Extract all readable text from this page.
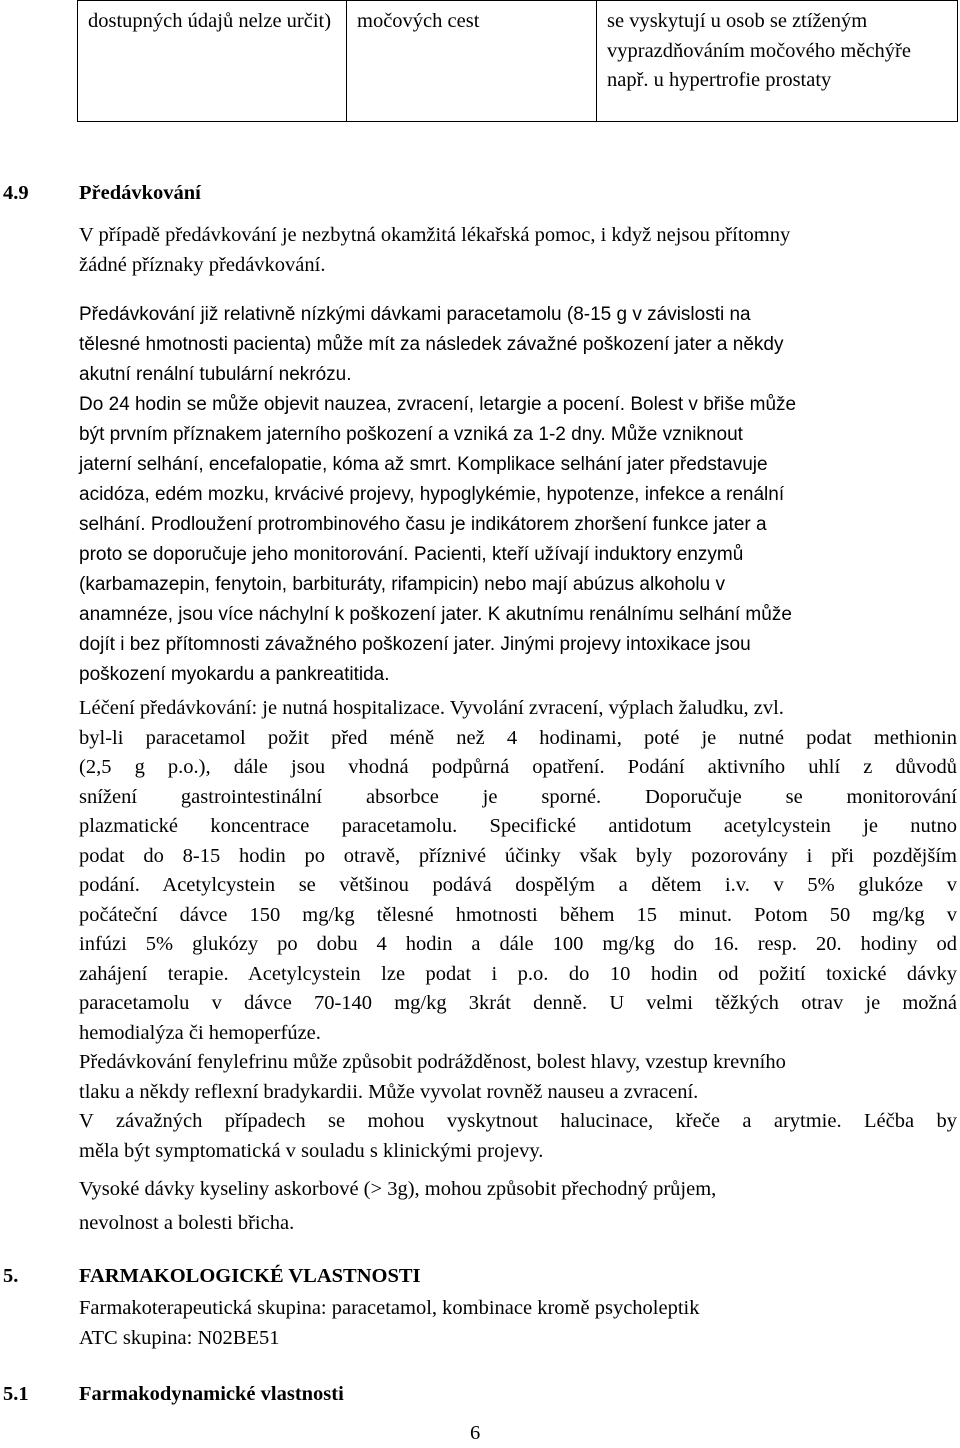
dostupných údajů nelze určit)	močových cest	se vyskytují u osob se ztíženým vyprazdňováním močového měchýře např. u hypertrofie prostaty
4.9 Předávkování
V případě předávkování je nezbytná okamžitá lékařská pomoc, i když nejsou přítomny
žádné příznaky předávkování.
Předávkování již relativně nízkými dávkami paracetamolu (8-15 g v závislosti na
tělesné hmotnosti pacienta) může mít za následek závažné poškození jater a někdy
akutní renální tubulární nekrózu.
Do 24 hodin se může objevit nauzea, zvracení, letargie a pocení. Bolest v břiše může
být prvním příznakem jaterního poškození a vzniká za 1-2 dny. Může vzniknout
jaterní selhání, encefalopatie, kóma až smrt. Komplikace selhání jater představuje
acidóza, edém mozku, krvácivé projevy, hypoglykémie, hypotenze, infekce a renální
selhání. Prodloužení protrombinového času je indikátorem zhoršení funkce jater a
proto se doporučuje jeho monitorování. Pacienti, kteří užívají induktory enzymů
(karbamazepin, fenytoin, barbituráty, rifampicin) nebo mají abúzus alkoholu v
anamnéze, jsou více náchylní k poškození jater. K akutnímu renálnímu selhání může
dojít i bez přítomnosti závažného poškození jater. Jinými projevy intoxikace jsou
poškození myokardu a pankreatitida.
Léčení předávkování: je nutná hospitalizace. Vyvolání zvracení, výplach žaludku, zvl.
byl-li paracetamol požit před méně než 4 hodinami, poté je nutné podat methionin
(2,5 g p.o.), dále jsou vhodná podpůrná opatření. Podání aktivního uhlí z důvodů
snížení gastrointestinální absorbce je sporné. Doporučuje se monitorování
plazmatické koncentrace paracetamolu. Specifické antidotum acetylcystein je nutno
podat do 8-15 hodin po otravě, příznivé účinky však byly pozorovány i při pozdějším
podání. Acetylcystein se většinou podává dospělým a dětem i.v. v 5% glukóze v
počáteční dávce 150 mg/kg tělesné hmotnosti během 15 minut. Potom 50 mg/kg v
infúzi 5% glukózy po dobu 4 hodin a dále 100 mg/kg do 16. resp. 20. hodiny od
zahájení terapie. Acetylcystein lze podat i p.o. do 10 hodin od požití toxické dávky
paracetamolu v dávce 70-140 mg/kg 3krát denně. U velmi těžkých otrav je možná
hemodialýza či hemoperfúze.
Předávkování fenylefrinu může způsobit podrážděnost, bolest hlavy, vzestup krevního
tlaku a někdy reflexní bradykardii. Může vyvolat rovněž nauseu a zvracení.
V závažných případech se mohou vyskytnout halucinace, křeče a arytmie. Léčba by
měla být symptomatická v souladu s klinickými projevy.
Vysoké dávky kyseliny askorbové (> 3g), mohou způsobit přechodný průjem,
nevolnost a bolesti břicha.
5.	FARMAKOLOGICKÉ VLASTNOSTI
Farmakoterapeutická skupina: paracetamol, kombinace kromě psycholeptik
ATC skupina: N02BE51
5.1 Farmakodynamické vlastnosti
6
